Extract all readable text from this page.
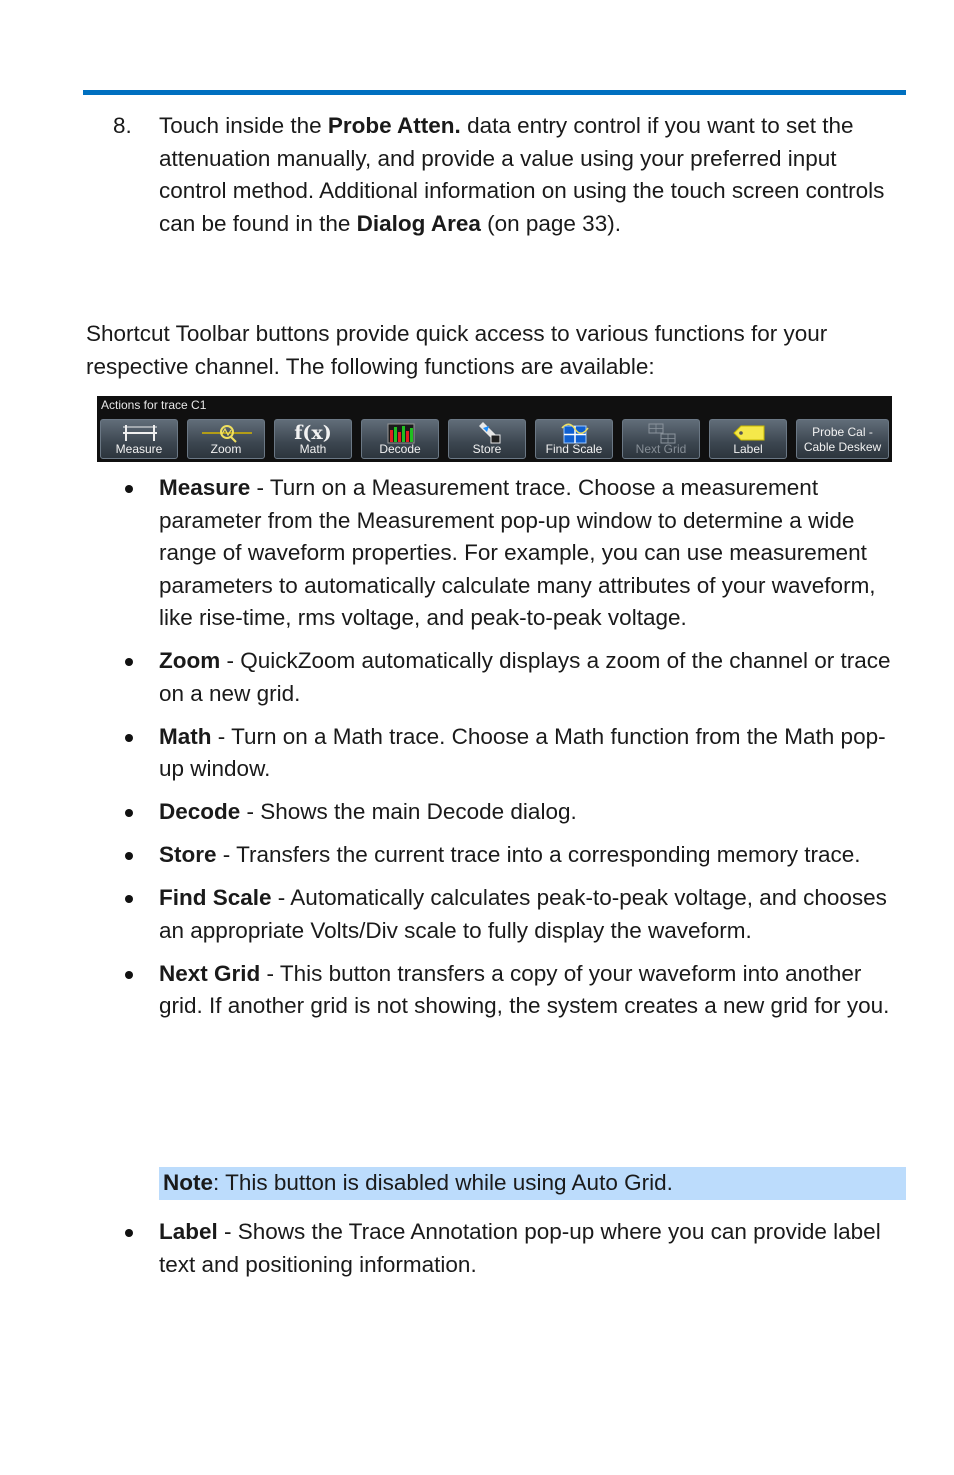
8. Touch inside the Probe Atten. data entry control if you want to set the attenuation manually, and provide a value using your preferred input control method. Additional information on using the touch screen controls can be found in the Dialog Area (on page 33).
Shortcut Toolbar buttons provide quick access to various functions for your respective channel. The following functions are available:
Actions for trace C1
Measure	Zoom
f(x)
Math	Decode	Store	Find Scale	Next Grid	Label
Probe Cal -
Cable Deskew
Measure - Turn on a Measurement trace. Choose a measurement parameter from the Measurement pop-up window to determine a wide range of waveform properties. For example, you can use measurement parameters to automatically calculate many attributes of your waveform, like rise-time, rms voltage, and peak-to-peak voltage.
Zoom - QuickZoom automatically displays a zoom of the channel or trace on a new grid.
Math - Turn on a Math trace. Choose a Math function from the Math pop-up window.
Decode - Shows the main Decode dialog.
Store - Transfers the current trace into a corresponding memory trace.
Find Scale - Automatically calculates peak-to-peak voltage, and chooses an appropriate Volts/Div scale to fully display the waveform.
Next Grid - This button transfers a copy of your waveform into another grid. If another grid is not showing, the system creates a new grid for you.
Note: This button is disabled while using Auto Grid.
Label - Shows the Trace Annotation pop-up where you can provide label text and positioning information.
